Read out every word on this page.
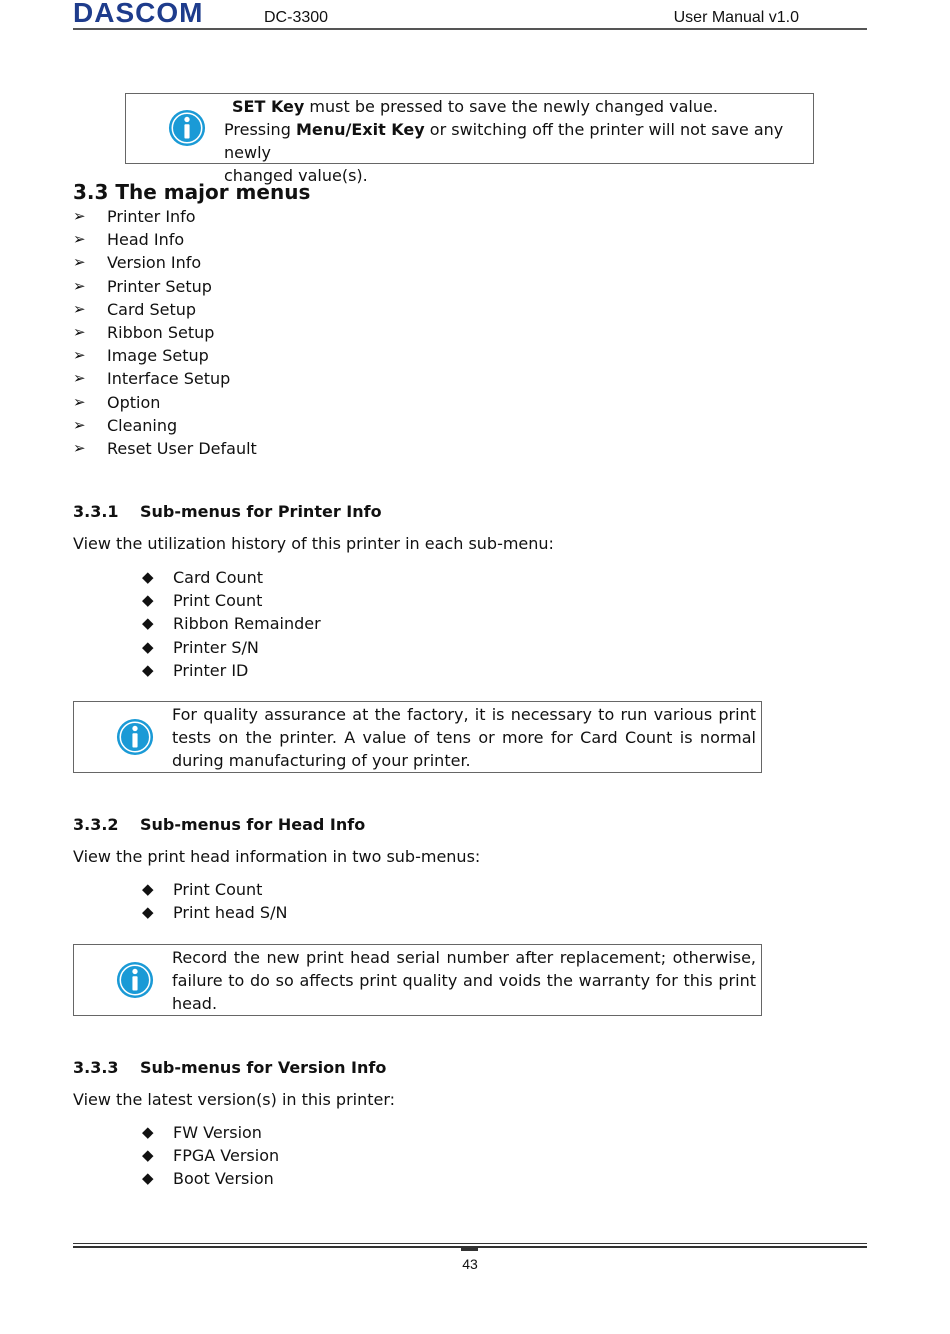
DASCOM	DC-3300	User Manual v1.0
SET Key must be pressed to save the newly changed value.
Pressing Menu/Exit Key or switching off the printer will not save any newly
changed value(s).
3.3 The major menus
➢ Printer Info
➢ Head Info
➢ Version Info
➢ Printer Setup
➢ Card Setup
➢ Ribbon Setup
➢ Image Setup
➢ Interface Setup
➢ Option
➢ Cleaning
➢ Reset User Default
3.3.1 Sub-menus for Printer Info
View the utilization history of this printer in each sub-menu:
◆ Card Count
◆ Print Count
◆ Ribbon Remainder
◆ Printer S/N
◆ Printer ID
For quality assurance at the factory, it is necessary to run various print tests on the printer. A value of tens or more for Card Count is normal during manufacturing of your printer.
3.3.2 Sub-menus for Head Info
View the print head information in two sub-menus:
◆ Print Count
◆ Print head S/N
Record the new print head serial number after replacement; otherwise, failure to do so affects print quality and voids the warranty for this print head.
3.3.3 Sub-menus for Version Info
View the latest version(s) in this printer:
◆ FW Version
◆ FPGA Version
◆ Boot Version
43
